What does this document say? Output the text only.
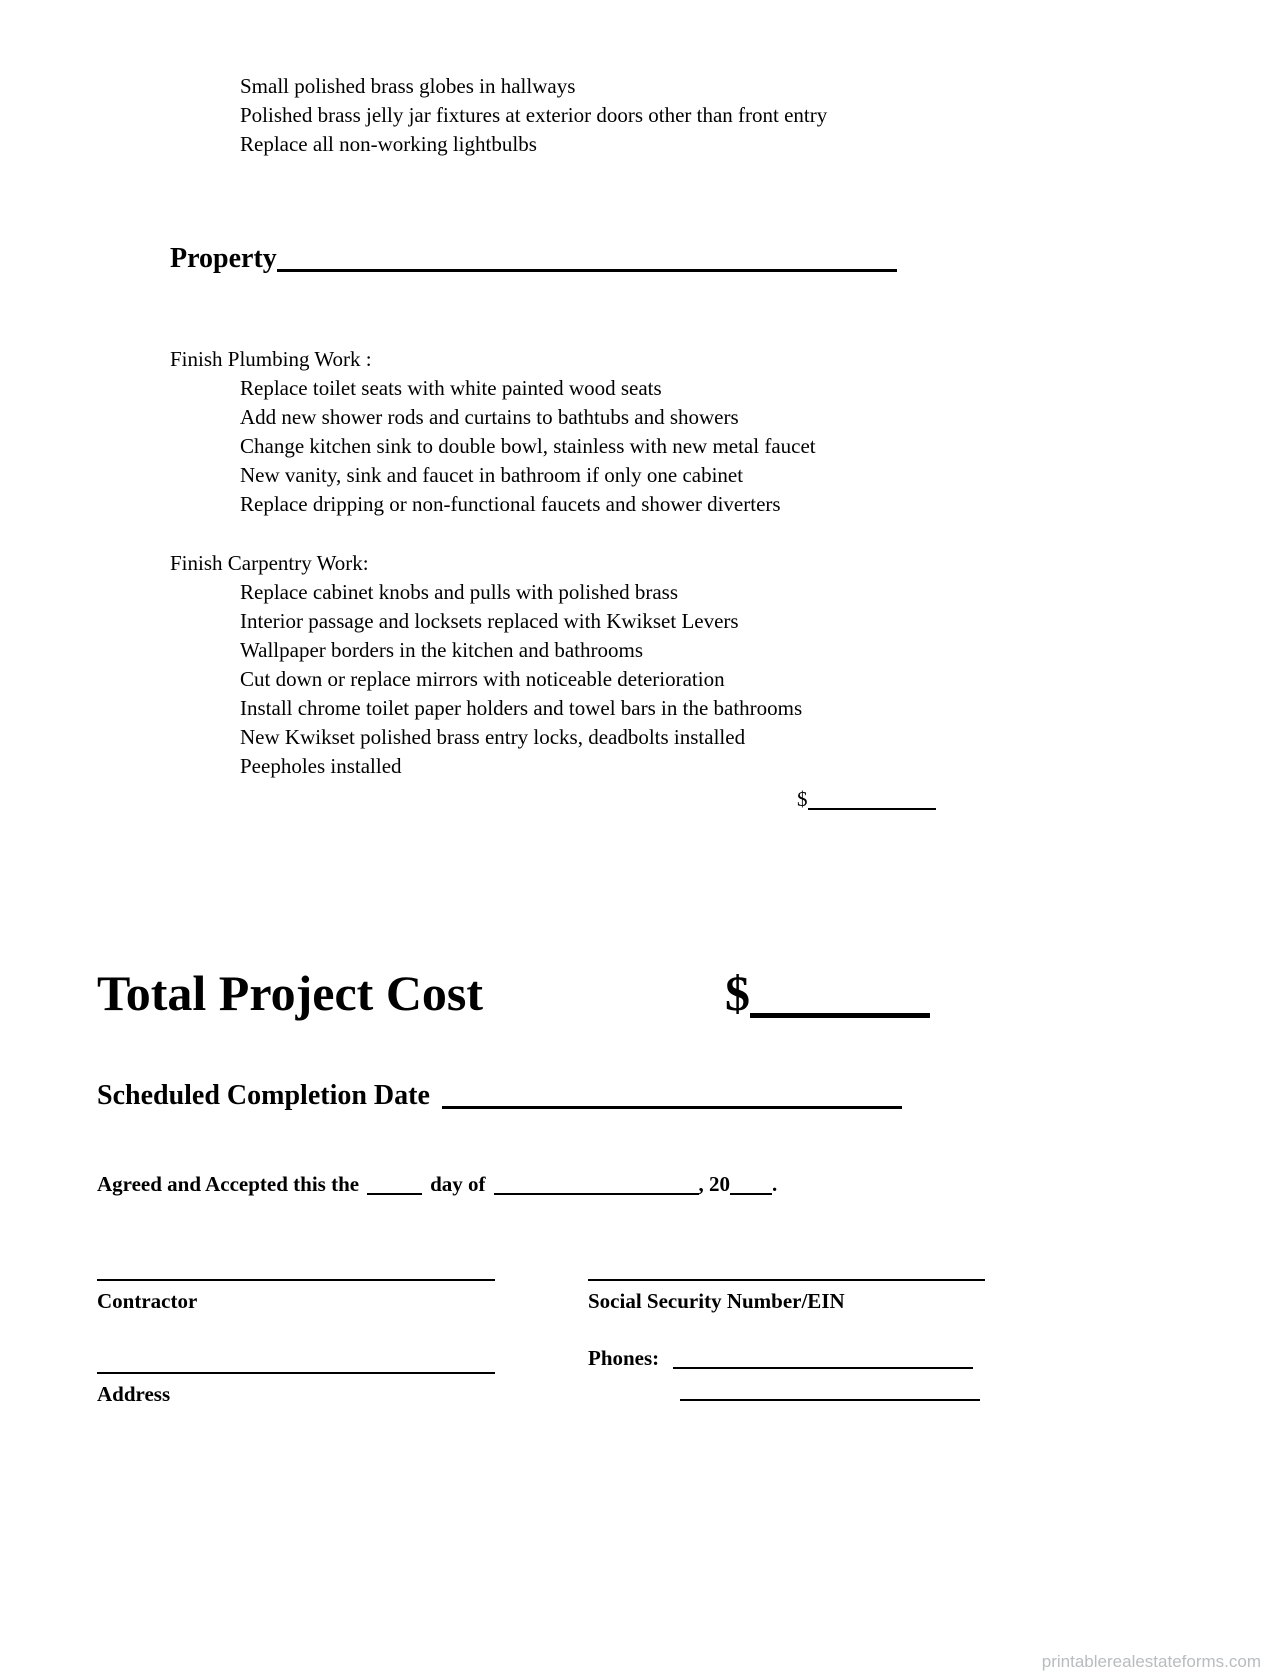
Small polished brass globes in hallways
Polished brass jelly jar fixtures at exterior doors other than front entry
Replace all non-working lightbulbs
Property
Finish Plumbing Work :
Replace toilet seats with white painted wood seats
Add new shower rods and curtains to bathtubs and showers
Change kitchen sink to double bowl, stainless with new metal faucet
New vanity, sink and faucet in bathroom if only one cabinet
Replace dripping or non-functional faucets and shower diverters
Finish Carpentry Work:
Replace cabinet knobs and pulls with polished brass
Interior passage and locksets replaced with Kwikset Levers
Wallpaper borders in the kitchen and bathrooms
Cut down or replace mirrors with noticeable deterioration
Install chrome toilet paper holders and towel bars in the bathrooms
New Kwikset polished brass entry locks, deadbolts installed
Peepholes installed
$
Total Project Cost	$
Scheduled Completion Date
Agreed and Accepted this the	day of	, 20 .
Contractor
Address
Social Security Number/EIN
Phones:
printablerealestateforms.com
